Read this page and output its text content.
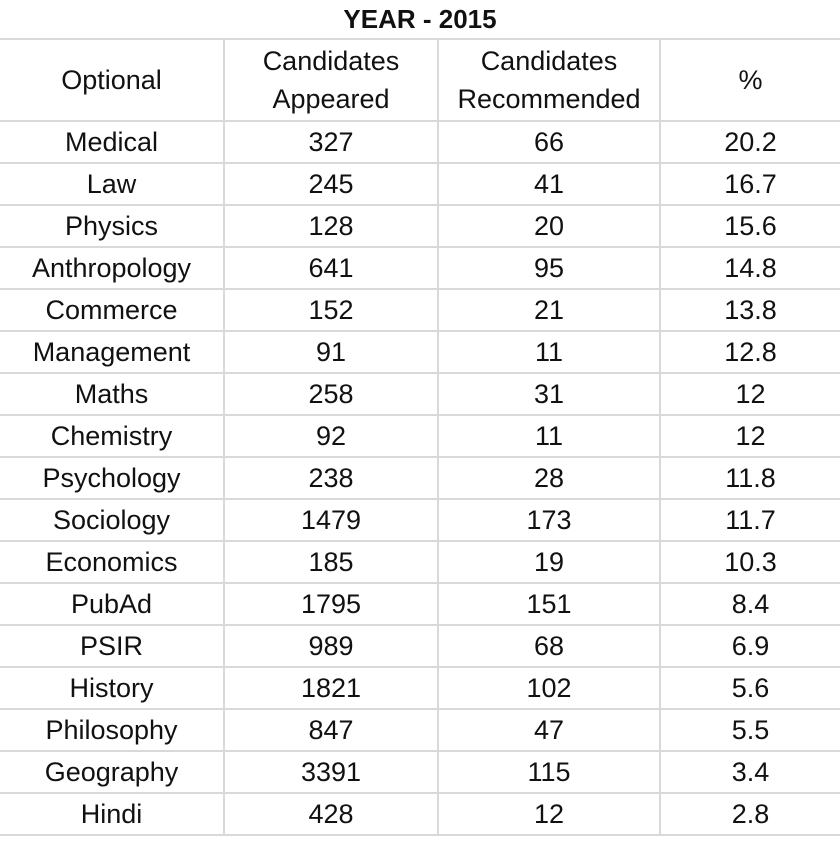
YEAR - 2015			
Optional	Candidates Appeared	Candidates Recommended	%
Medical	327	66	20.2
Law	245	41	16.7
Physics	128	20	15.6
Anthropology	641	95	14.8
Commerce	152	21	13.8
Management	91	11	12.8
Maths	258	31	12
Chemistry	92	11	12
Psychology	238	28	11.8
Sociology	1479	173	11.7
Economics	185	19	10.3
PubAd	1795	151	8.4
PSIR	989	68	6.9
History	1821	102	5.6
Philosophy	847	47	5.5
Geography	3391	115	3.4
Hindi	428	12	2.8
